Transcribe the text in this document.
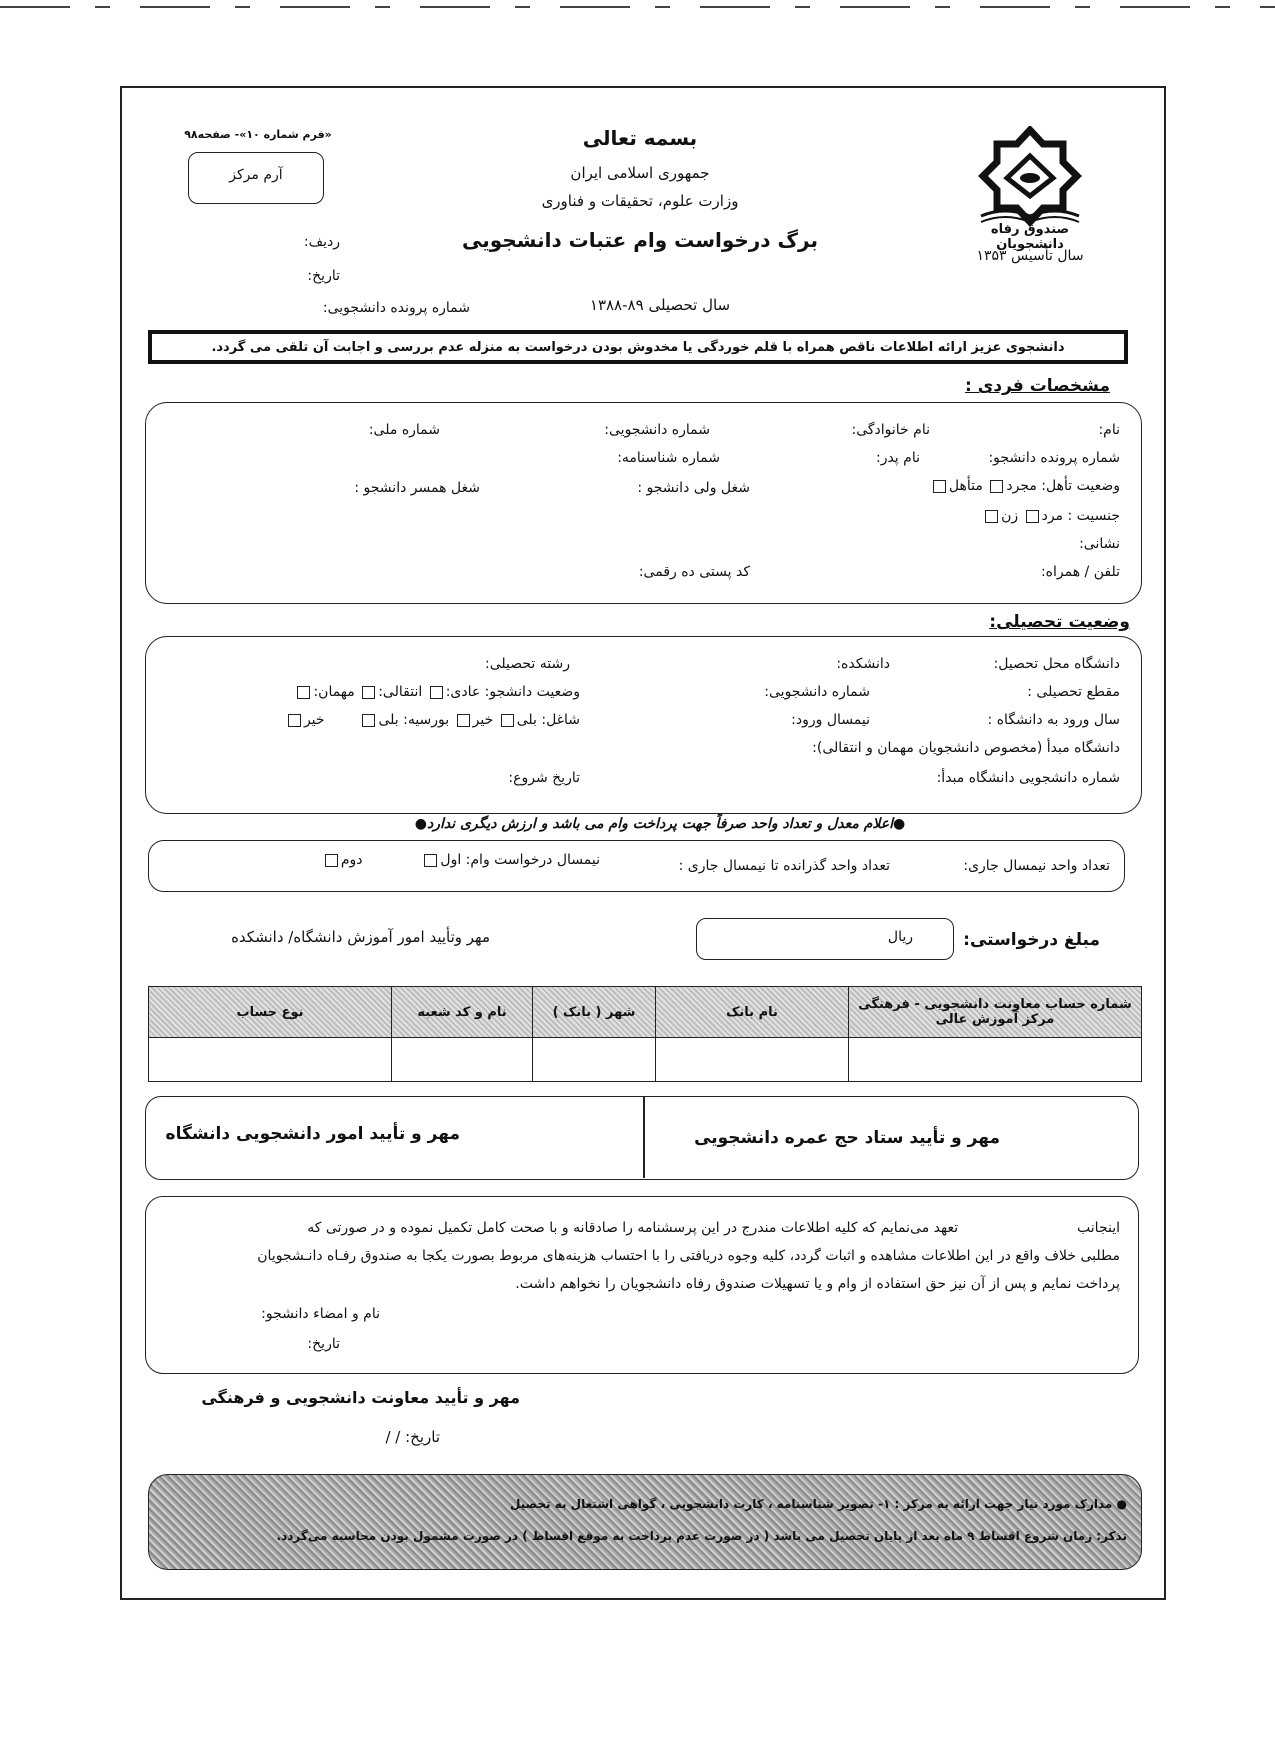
صندوق رفاه دانشجویان
سال تأسیس ۱۳۵۳
بسمه تعالی
جمهوری اسلامی ایران
وزارت علوم، تحقیقات و فناوری
برگ درخواست وام عتبات دانشجویی
سال تحصیلی ۸۹-۱۳۸۸
«فرم شماره ۱۰»- صفحه۹۸
آرم مرکز
ردیف:
تاریخ:
شماره پرونده دانشجویی:
دانشجوی عزیز ارائه اطلاعات ناقص همراه با قلم خوردگی یا مخدوش بودن درخواست به منزله عدم بررسی و اجابت آن تلقی می گردد.
مشخصات فردی :
نام:
نام خانوادگی:
شماره دانشجویی:
شماره ملی:
شماره پرونده دانشجو:
نام پدر:
شماره شناسنامه:
وضعیت تأهل: مجرد متأهل
شغل ولی دانشجو :
شغل همسر دانشجو :
جنسیت : مرد زن
نشانی:
تلفن / همراه:
کد پستی ده رقمی:
وضعیت تحصیلی:
دانشگاه محل تحصیل:
دانشکده:
رشته تحصیلی:
مقطع تحصیلی :
شماره دانشجویی:
وضعیت دانشجو: عادی: انتقالی: مهمان:
سال ورود به دانشگاه :
نیمسال ورود:
شاغل: بلی خیر بورسیه: بلی  خیر
دانشگاه مبدأ (مخصوص دانشجویان مهمان و انتقالی):
شماره دانشجویی دانشگاه مبدأ:
تاریخ شروع:
●اعلام معدل و تعداد واحد صرفاً جهت پرداخت وام می باشد و ارزش دیگری ندارد●
تعداد واحد نیمسال جاری:
تعداد واحد گذرانده تا نیمسال جاری :
نیمسال درخواست وام: اول  دوم
مبلغ درخواستی:
ریال
مهر وتأیید امور آموزش دانشگاه/ دانشکده
شماره حساب معاونت دانشجویی - فرهنگی مرکز آموزش عالی	نام بانک	شهر ( بانک )	نام و کد شعبه	نوع حساب

مهر و تأیید ستاد حج عمره دانشجویی
مهر و تأیید امور دانشجویی دانشگاه
اینجانب  تعهد می‌نمایم که کلیه اطلاعات مندرج در این پرسشنامه را صادقانه و با صحت کامل تکمیل نموده و در صورتی که
مطلبی خلاف واقع در این اطلاعات مشاهده و اثبات گردد، کلیه وجوه دریافتی را با احتساب هزینه‌های مربوط بصورت یکجا به صندوق رفـاه دانـشجویان
پرداخت نمایم و پس از آن نیز حق استفاده از وام و یا تسهیلات صندوق رفاه دانشجویان را نخواهم داشت.
نام و امضاء دانشجو:
تاریخ:
مهر و تأیید معاونت دانشجویی و فرهنگی
تاریخ: / /
● مدارک مورد نیاز جهت ارائه به مرکز : ۱- تصویر شناسنامه ، کارت دانشجویی ، گواهی اشتغال به تحصیل
تذکر: زمان شروع اقساط ۹ ماه بعد از پایان تحصیل می باشد ( در صورت عدم پرداخت به موقع اقساط ) در صورت مشمول بودن محاسبه می‌گردد.
